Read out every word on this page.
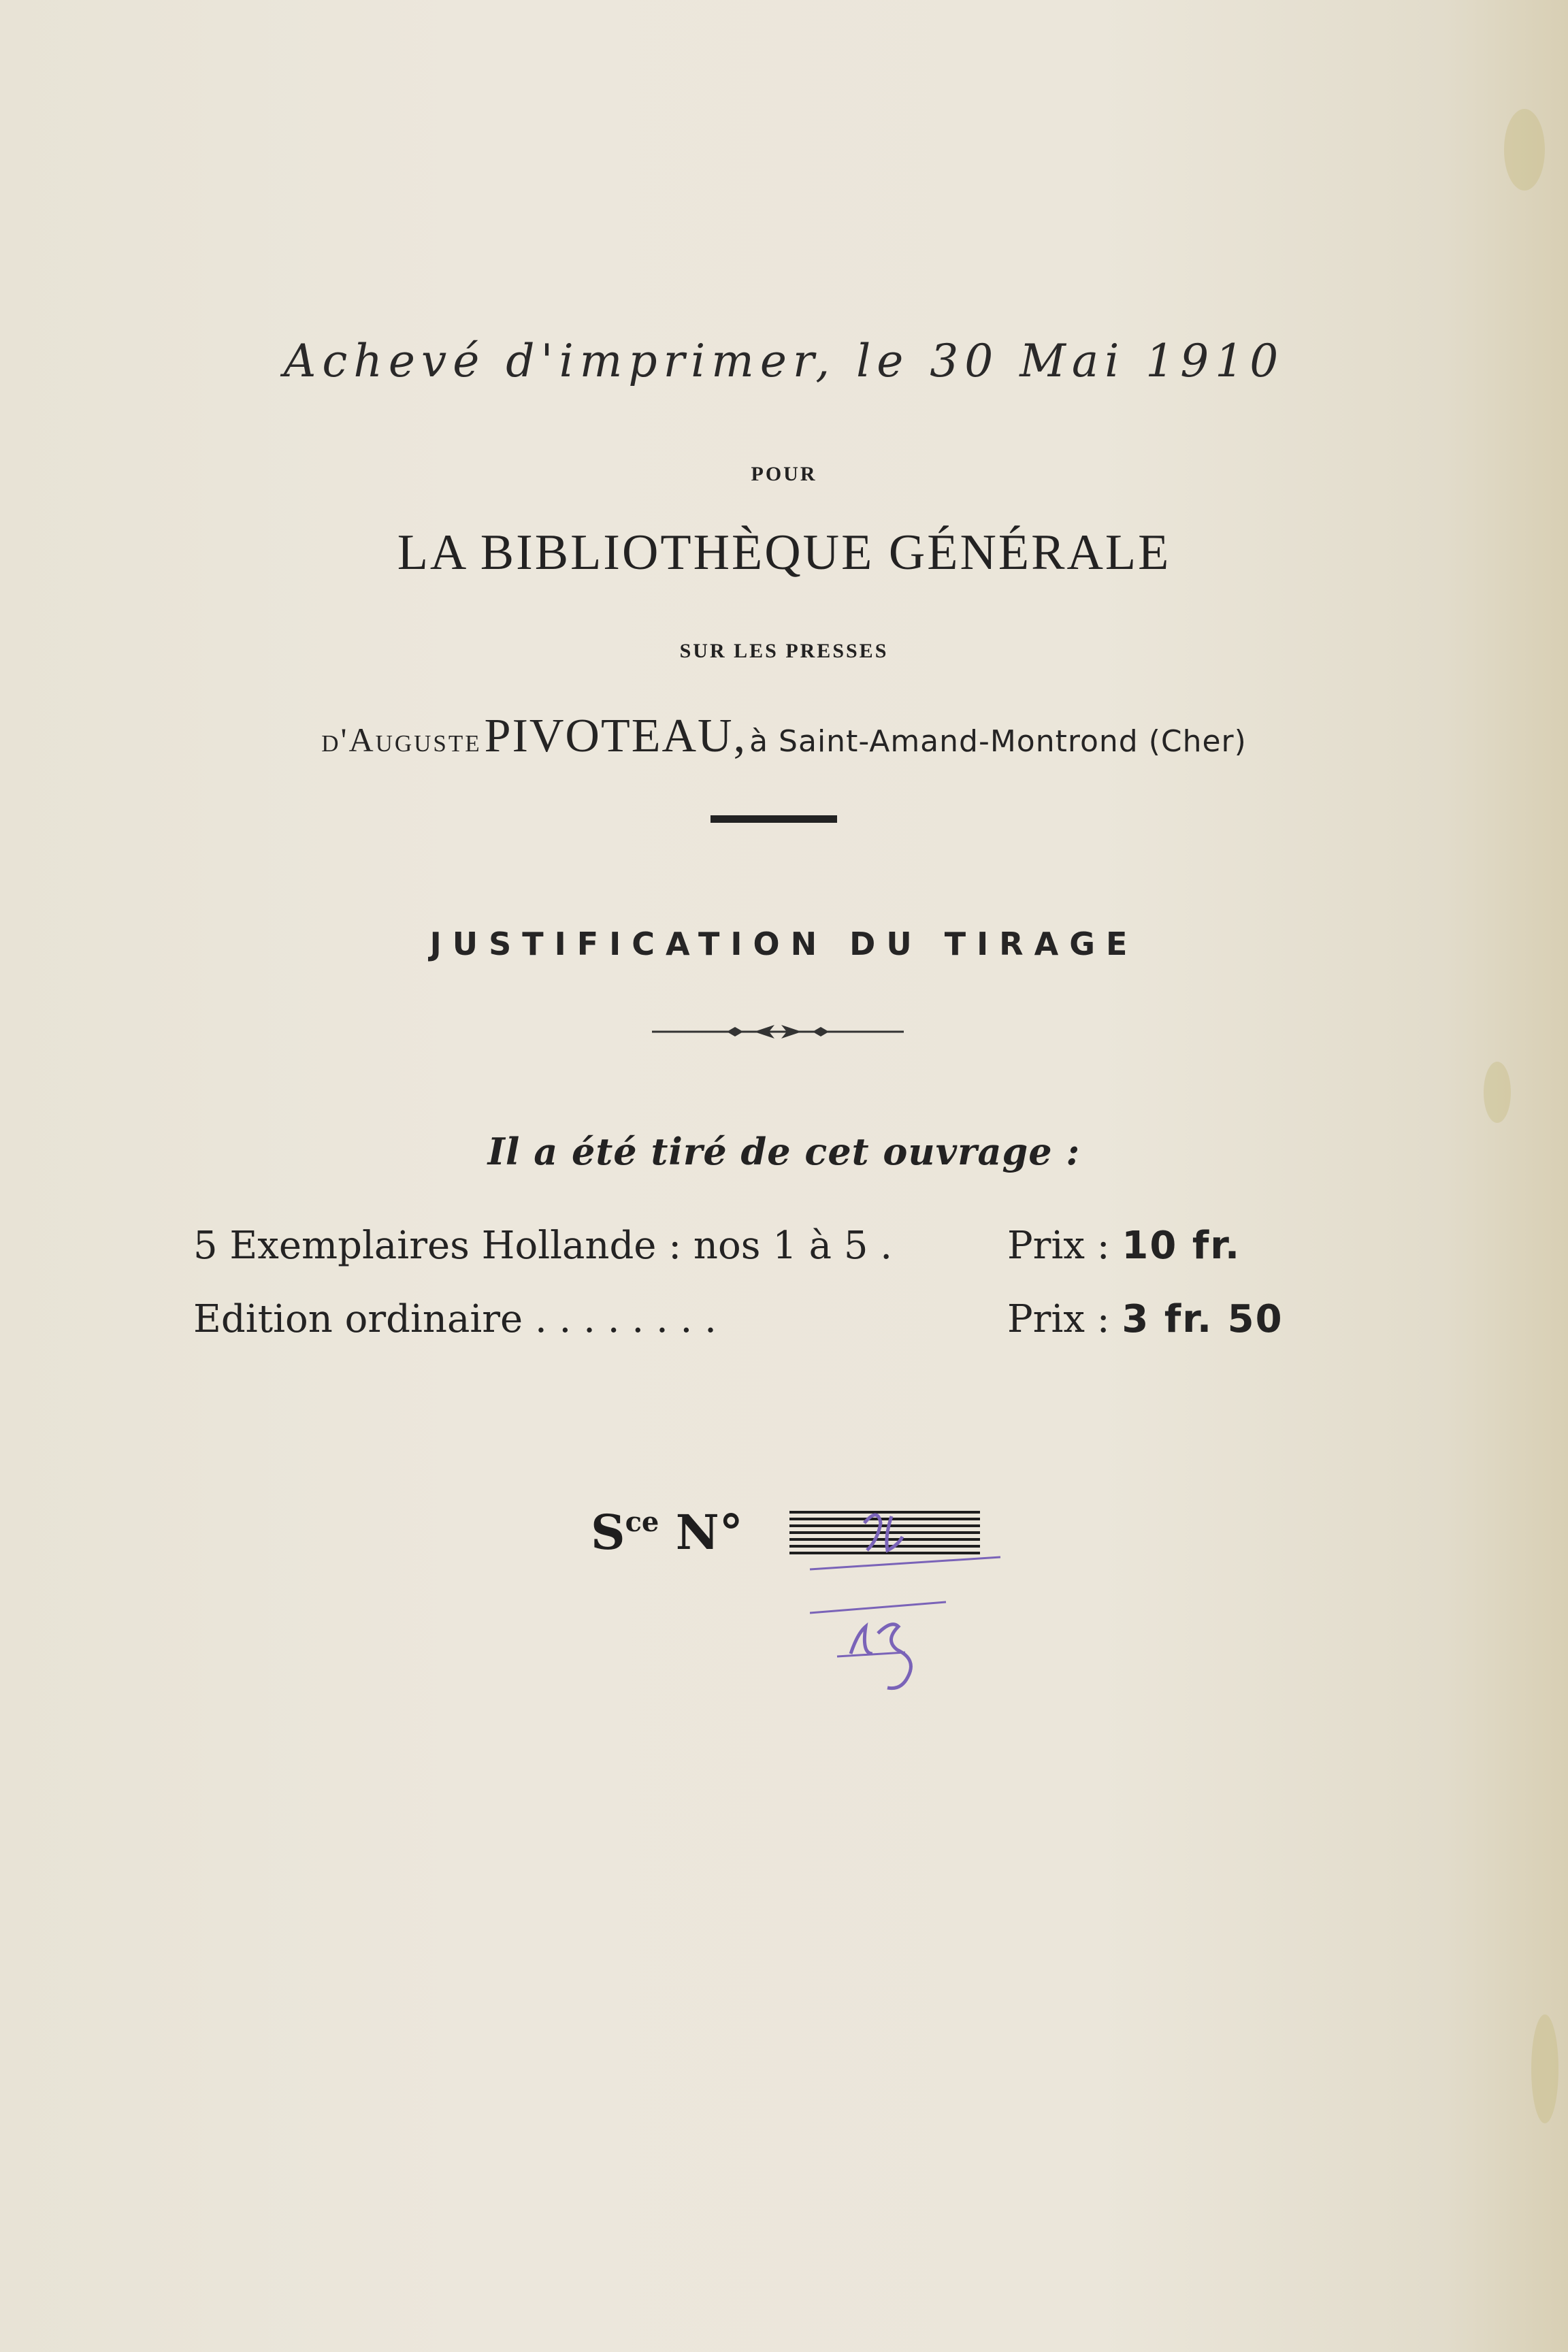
Achevé d'imprimer, le 30 Mai 1910
POUR
LA BIBLIOTHÈQUE GÉNÉRALE
SUR LES PRESSES
d'Auguste PIVOTEAU, à Saint-Amand-Montrond (Cher)
JUSTIFICATION DU TIRAGE
Il a été tiré de cet ouvrage :
5 Exemplaires Hollande : nos 1 à 5 .	Prix : 10 fr.
Edition ordinaire . . . . . . . .	Prix : 3 fr. 50
$S^{ce}$ N°
